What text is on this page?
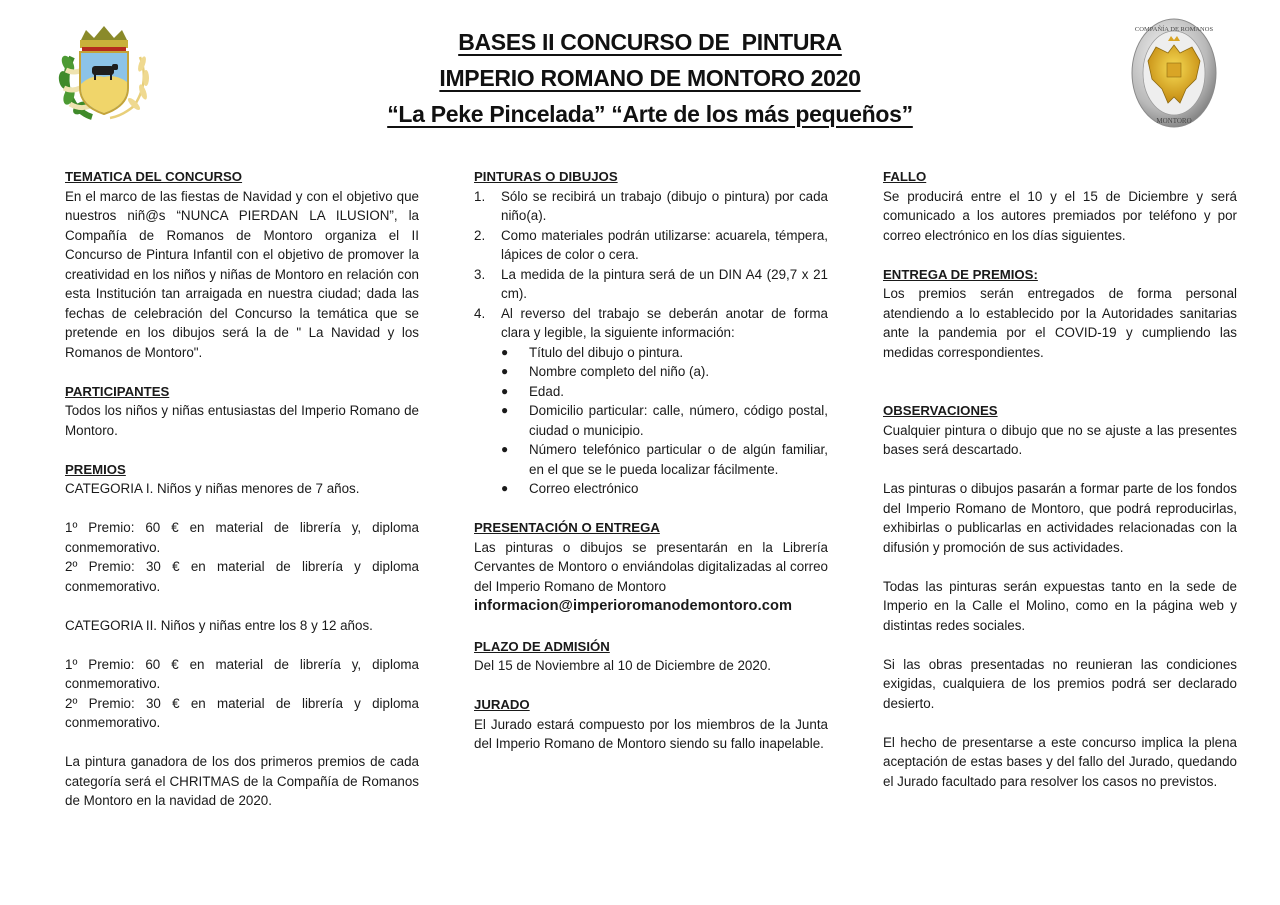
COMPAÑÍA DE ROMANOS
MONTORO
BASES II CONCURSO DE  PINTURA
IMPERIO ROMANO DE MONTORO 2020
“La Peke Pincelada” “Arte de los más pequeños”
TEMATICA DEL CONCURSO

En el marco de las fiestas de Navidad y con el objetivo que nuestros niñ@s “NUNCA PIERDAN LA ILUSION”, la Compañía de Romanos de Montoro organiza el II Concurso de Pintura Infantil con el objetivo de promover la creatividad en los niños y niñas de Montoro en relación con esta Institución tan arraigada en nuestra ciudad; dada las fechas de celebración del Concurso la temática que se pretende en los dibujos será la de " La Navidad y los Romanos de Montoro".

PARTICIPANTES

Todos los niños y niñas entusiastas del Imperio Romano de Montoro.

PREMIOS

CATEGORIA I. Niños y niñas menores de 7 años.

1º Premio: 60 € en material de librería y, diploma conmemorativo.

2º Premio: 30 € en material de librería y diploma conmemorativo.

CATEGORIA II. Niños y niñas entre los 8 y 12 años.

1º Premio: 60 € en material de librería y, diploma conmemorativo.

2º Premio: 30 € en material de librería y diploma conmemorativo.

La pintura ganadora de los dos primeros premios de cada categoría será el CHRITMAS de la Compañía de Romanos de Montoro en la navidad de 2020.

PINTURAS O DIBUJOS
1. Sólo se recibirá un trabajo (dibujo o pintura) por cada niño(a).
2. Como materiales podrán utilizarse: acuarela, témpera, lápices de color o cera.
3. La medida de la pintura será de un DIN A4 (29,7 x 21 cm).
4. Al reverso del trabajo se deberán anotar de forma clara y legible, la siguiente información:
● Título del dibujo o pintura.
● Nombre completo del niño (a).
● Edad.
● Domicilio particular: calle, número, código postal, ciudad o municipio.
● Número telefónico particular o de algún familiar, en el que se le pueda localizar fácilmente.
● Correo electrónico
PRESENTACIÓN O ENTREGA

Las pinturas o dibujos se presentarán en la Librería Cervantes de Montoro o enviándolas digitalizadas al correo del Imperio Romano de Montoro

informacion@imperioromanodemontoro.com
PLAZO DE ADMISIÓN

Del 15 de Noviembre al 10 de Diciembre de 2020.

JURADO

El Jurado estará compuesto por los miembros de la Junta del Imperio Romano de Montoro siendo su fallo inapelable.

FALLO

Se producirá entre el 10 y el 15 de Diciembre y será comunicado a los autores premiados por teléfono y por correo electrónico en los días siguientes.

ENTREGA DE PREMIOS:

Los premios serán entregados de forma personal atendiendo a lo establecido por la Autoridades sanitarias ante la pandemia por el COVID-19 y cumpliendo las medidas correspondientes.

OBSERVACIONES

Cualquier pintura o dibujo que no se ajuste a las presentes bases será descartado.

Las pinturas o dibujos pasarán a formar parte de los fondos del Imperio Romano de Montoro, que podrá reproducirlas, exhibirlas o publicarlas en actividades relacionadas con la difusión y promoción de sus actividades.

Todas las pinturas serán expuestas tanto en la sede de Imperio en la Calle el Molino, como en la página web y distintas redes sociales.

Si las obras presentadas no reunieran las condiciones exigidas, cualquiera de los premios podrá ser declarado desierto.

El hecho de presentarse a este concurso implica la plena aceptación de estas bases y del fallo del Jurado, quedando el Jurado facultado para resolver los casos no previstos.
